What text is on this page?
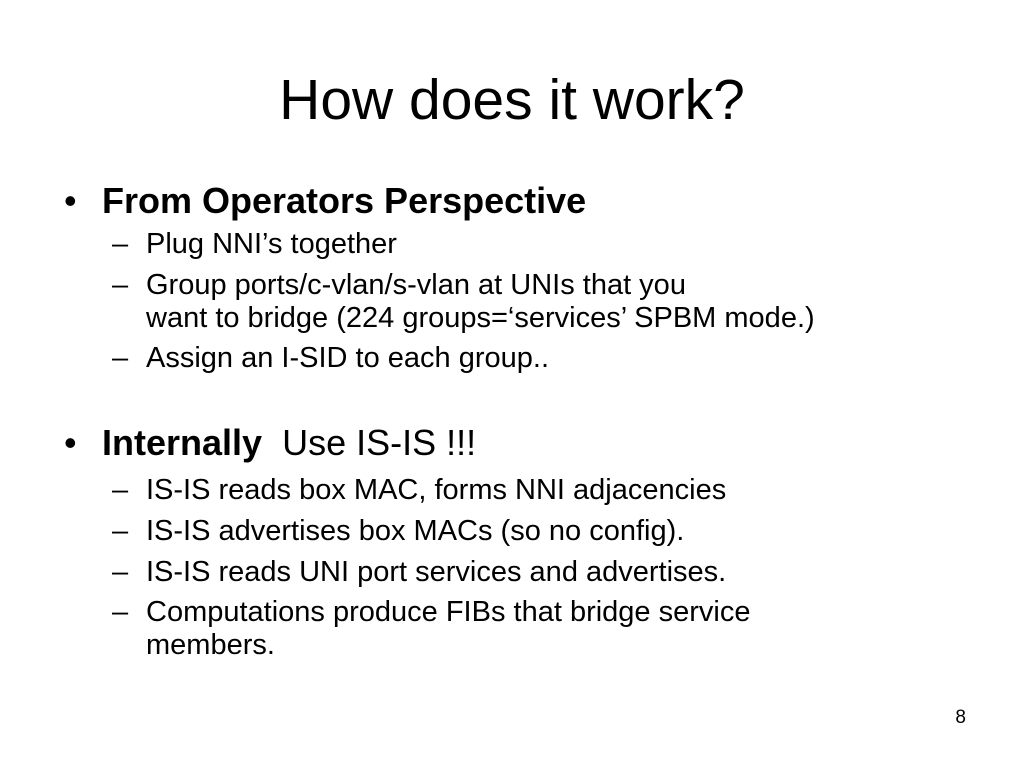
How does it work?
• From Operators Perspective
– Plug NNI’s together
– Group ports/c-vlan/s-vlan at UNIs that you
want to bridge (224 groups=‘services’ SPBM mode.)
– Assign an I-SID to each group..
• Internally Use IS-IS !!!
– IS-IS reads box MAC, forms NNI adjacencies
– IS-IS advertises box MACs (so no config).
– IS-IS reads UNI port services and advertises.
– Computations produce FIBs that bridge service
members.
8
